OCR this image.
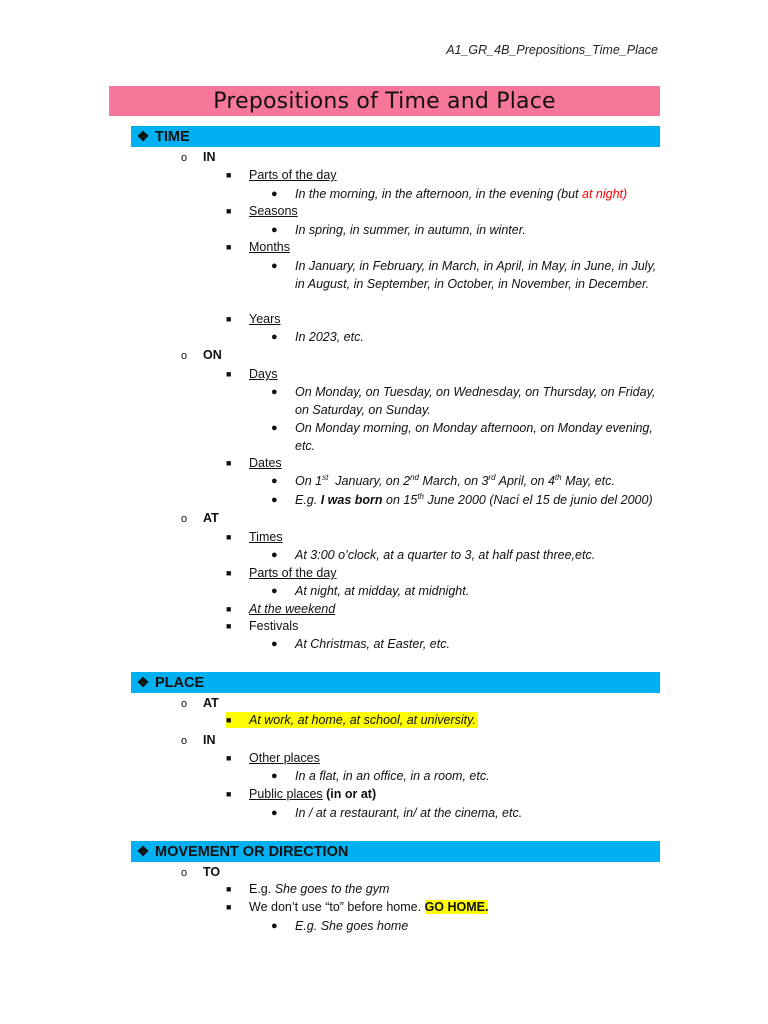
A1_GR_4B_Prepositions_Time_Place
Prepositions of Time and Place
❖ TIME
o IN
■ Parts of the day
● In the morning, in the afternoon, in the evening (but at night)
■ Seasons
● In spring, in summer, in autumn, in winter.
■ Months
● In January, in February, in March, in April, in May, in June, in July, in August, in September, in October, in November, in December.
■ Years
● In 2023, etc.
o ON
■ Days
● On Monday, on Tuesday, on Wednesday, on Thursday, on Friday, on Saturday, on Sunday.
● On Monday morning, on Monday afternoon, on Monday evening, etc.
■ Dates
● On 1st  January, on 2nd March, on 3rd April, on 4th May, etc.
● E.g. I was born on 15th June 2000 (Nací el 15 de junio del 2000)
o AT
■ Times
● At 3:00 o’clock, at a quarter to 3, at half past three,etc.
■ Parts of the day
● At night, at midday, at midnight.
■ At the weekend
■ Festivals
● At Christmas, at Easter, etc.
❖ PLACE
o AT
■ At work, at home, at school, at university.
o IN
■ Other places
● In a flat, in an office, in a room, etc.
■ Public places (in or at)
● In / at a restaurant, in/ at the cinema, etc.
❖ MOVEMENT OR DIRECTION
o TO
■ E.g. She goes to the gym
■ We don’t use “to” before home. GO HOME.
● E.g. She goes home
